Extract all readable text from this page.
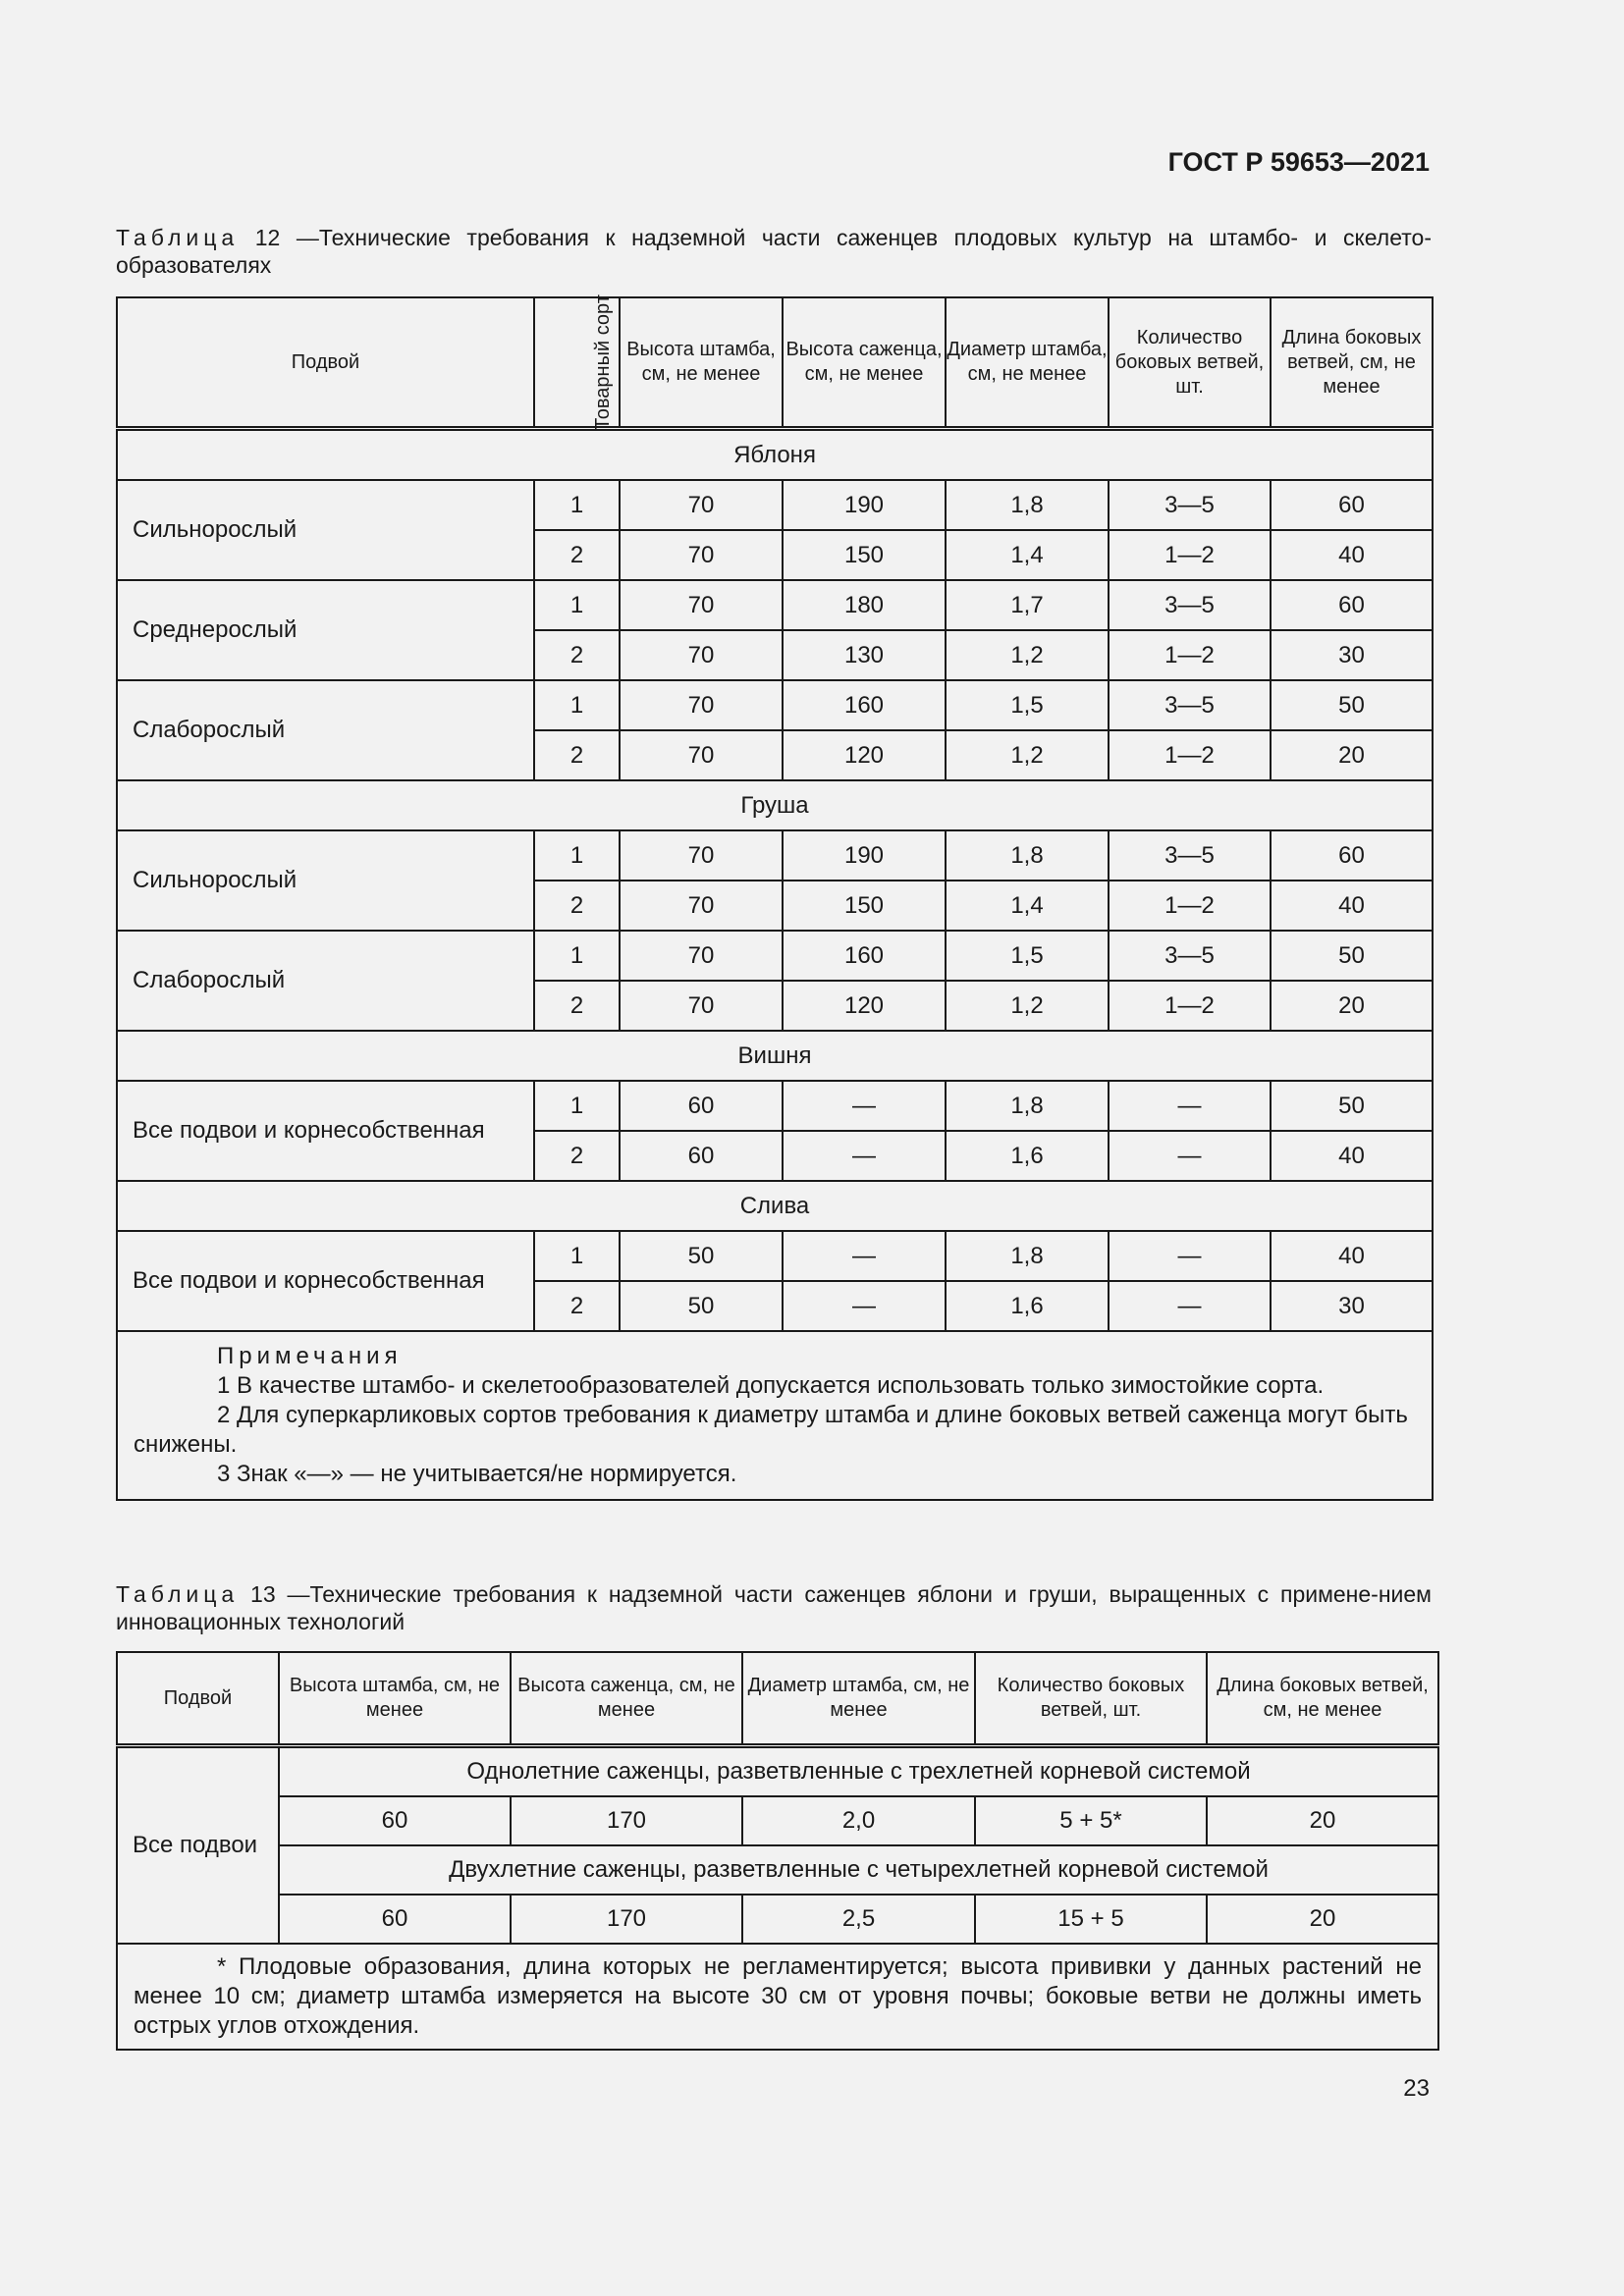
ГОСТ Р 59653—2021
Таблица 12 —Технические требования к надземной части саженцев плодовых культур на штамбо- и скелето-образователях
Подвой	Товарный сорт	Высота штамба, см, не менее	Высота саженца, см, не менее	Диаметр штамба, см, не менее	Количество боковых ветвей, шт.	Длина боковых ветвей, см, не менее
Яблоня						
Сильнорослый	1	70	190	1,8	3—5	60
	2	70	150	1,4	1—2	40
Среднерослый	1	70	180	1,7	3—5	60
	2	70	130	1,2	1—2	30
Слаборослый	1	70	160	1,5	3—5	50
	2	70	120	1,2	1—2	20
Груша						
Сильнорослый	1	70	190	1,8	3—5	60
	2	70	150	1,4	1—2	40
Слаборослый	1	70	160	1,5	3—5	50
	2	70	120	1,2	1—2	20
Вишня						
Все подвои и корнесобственная	1	60	—	1,8	—	50
	2	60	—	1,6	—	40
Слива						
Все подвои и корнесобственная	1	50	—	1,8	—	40
	2	50	—	1,6	—	30

Примечания
1 В качестве штамбо- и скелетообразователей допускается использовать только зимостойкие сорта.
2 Для суперкарликовых сортов требования к диаметру штамба и длине боковых ветвей саженца могут быть снижены.
3 Знак «—» — не учитывается/не нормируется.						
Таблица 13 —Технические требования к надземной части саженцев яблони и груши, выращенных с примене-нием инновационных технологий
Подвой	Высота штамба, см, не менее	Высота саженца, см, не менее	Диаметр штамба, см, не менее	Количество боковых ветвей, шт.	Длина боковых ветвей, см, не менее
Все подвои	Однолетние саженцы, разветвленные с трехлетней корневой системой				
	60	170	2,0	5 + 5*	20
	Двухлетние саженцы, разветвленные с четырехлетней корневой системой				
	60	170	2,5	15 + 5	20

* Плодовые образования, длина которых не регламентируется; высота прививки у данных растений не менее 10 см; диаметр штамба измеряется на высоте 30 см от уровня почвы; боковые ветви не должны иметь острых углов отхождения.					
23
